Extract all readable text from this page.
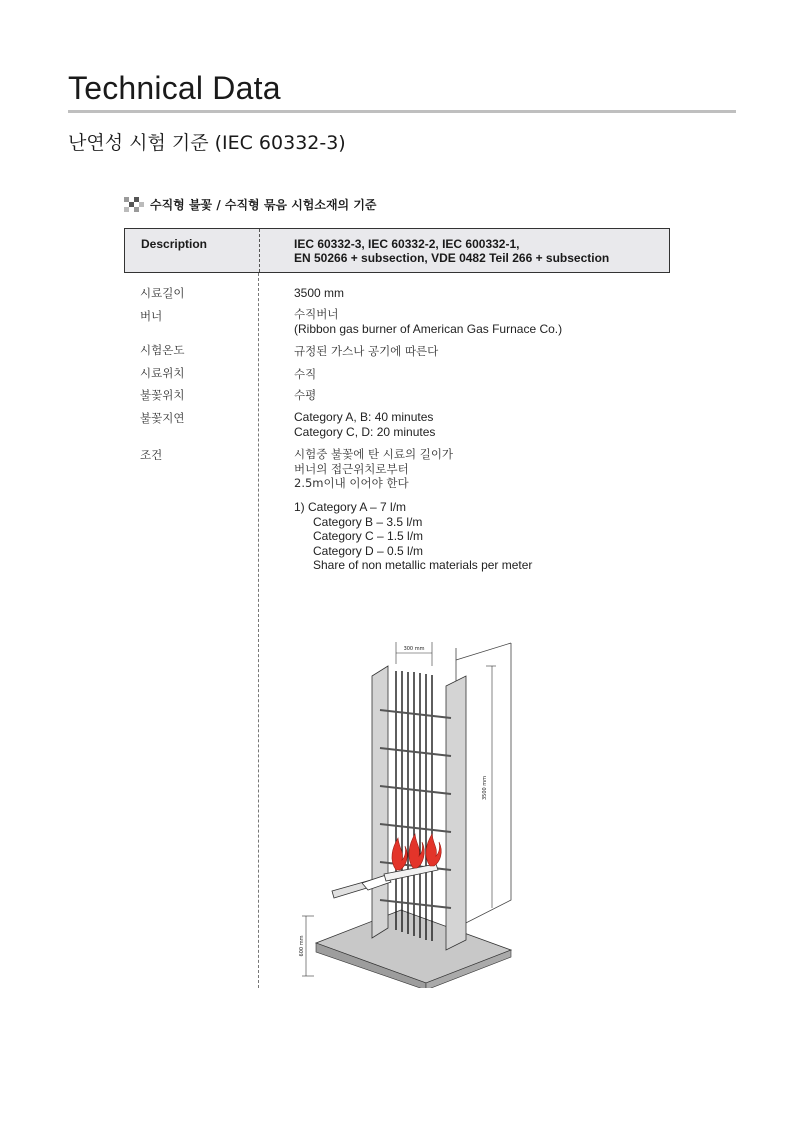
Technical Data
난연성 시험 기준 (IEC 60332-3)
수직형 불꽃 / 수직형 묶음 시험소재의 기준
Description	IEC 60332-3, IEC 60332-2, IEC 600332-1,
EN 50266 + subsection, VDE 0482 Teil 266 + subsection
시료길이	3500 mm
버너	수직버너
(Ribbon gas burner of American Gas Furnace Co.)
시험온도	규정된 가스나 공기에 따른다
시료위치	수직
불꽃위치	수평
불꽃지연	Category A, B: 40 minutes
Category C, D: 20 minutes
조건	시험중 불꽃에 탄 시료의 길이가
버너의 접근위치로부터
2.5m이내 이어야 한다
1) Category A – 7 l/m
Category B – 3.5 l/m
Category C – 1.5 l/m
Category D – 0.5 l/m
Share of non metallic materials per meter
300 mm
3500 mm
600 mm
